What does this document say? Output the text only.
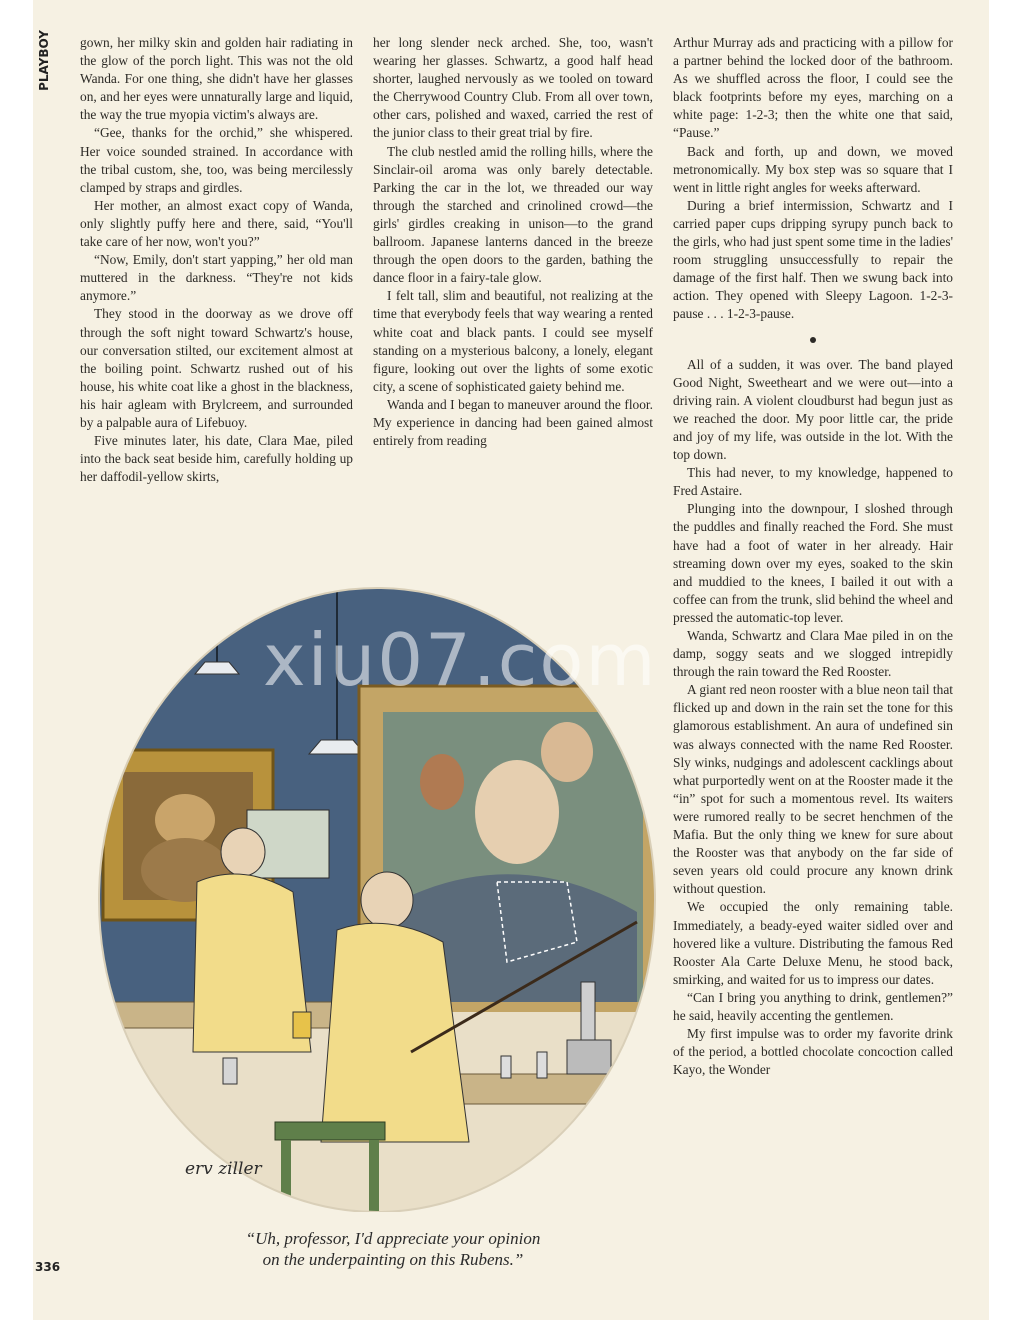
PLAYBOY gown, her milky skin and golden hair radiating in the glow of the porch light. This was not the old Wanda. For one thing, she didn't have her glasses on, and her eyes were unnaturally large and liquid, the way the true myopia victim's always are.

“Gee, thanks for the orchid,” she whispered. Her voice sounded strained. In accordance with the tribal custom, she, too, was being mercilessly clamped by straps and girdles.

Her mother, an almost exact copy of Wanda, only slightly puffy here and there, said, “You'll take care of her now, won't you?”

“Now, Emily, don't start yapping,” her old man muttered in the darkness. “They're not kids anymore.”

They stood in the doorway as we drove off through the soft night toward Schwartz's house, our conversation stilted, our excitement almost at the boiling point. Schwartz rushed out of his house, his white coat like a ghost in the blackness, his hair agleam with Brylcreem, and surrounded by a palpable aura of Lifebuoy.

Five minutes later, his date, Clara Mae, piled into the back seat beside him, carefully holding up her daffodil-yellow skirts,

her long slender neck arched. She, too, wasn't wearing her glasses. Schwartz, a good half head shorter, laughed nervously as we tooled on toward the Cherrywood Country Club. From all over town, other cars, polished and waxed, carried the rest of the junior class to their great trial by fire.

The club nestled amid the rolling hills, where the Sinclair-oil aroma was only barely detectable. Parking the car in the lot, we threaded our way through the starched and crinolined crowd—the girls' girdles creaking in unison—to the grand ballroom. Japanese lanterns danced in the breeze through the open doors to the garden, bathing the dance floor in a fairy-tale glow.

I felt tall, slim and beautiful, not realizing at the time that everybody feels that way wearing a rented white coat and black pants. I could see myself standing on a mysterious balcony, a lonely, elegant figure, looking out over the lights of some exotic city, a scene of sophisticated gaiety behind me.

Wanda and I began to maneuver around the floor. My experience in dancing had been gained almost entirely from reading

Arthur Murray ads and practicing with a pillow for a partner behind the locked door of the bathroom. As we shuffled across the floor, I could see the black footprints before my eyes, marching on a white page: 1-2-3; then the white one that said, “Pause.”

Back and forth, up and down, we moved metronomically. My box step was so square that I went in little right angles for weeks afterward.

During a brief intermission, Schwartz and I carried paper cups dripping syrupy punch back to the girls, who had just spent some time in the ladies' room struggling unsuccessfully to repair the damage of the first half. Then we swung back into action. They opened with Sleepy Lagoon. 1-2-3-pause . . . 1-2-3-pause.

All of a sudden, it was over. The band played Good Night, Sweetheart and we were out—into a driving rain. A violent cloudburst had begun just as we reached the door. My poor little car, the pride and joy of my life, was outside in the lot. With the top down.

This had never, to my knowledge, happened to Fred Astaire.

Plunging into the downpour, I sloshed through the puddles and finally reached the Ford. She must have had a foot of water in her already. Hair streaming down over my eyes, soaked to the skin and muddied to the knees, I bailed it out with a coffee can from the trunk, slid behind the wheel and pressed the automatic-top lever.

Wanda, Schwartz and Clara Mae piled in on the damp, soggy seats and we slogged intrepidly through the rain toward the Red Rooster.

A giant red neon rooster with a blue neon tail that flicked up and down in the rain set the tone for this glamorous establishment. An aura of undefined sin was always connected with the name Red Rooster. Sly winks, nudgings and adolescent cacklings about what purportedly went on at the Rooster made it the “in” spot for such a momentous revel. Its waiters were rumored really to be secret henchmen of the Mafia. But the only thing we knew for sure about the Rooster was that anybody on the far side of seven years old could procure any known drink without question.

We occupied the only remaining table. Immediately, a beady-eyed waiter sidled over and hovered like a vulture. Distributing the famous Red Rooster Ala Carte Deluxe Menu, he stood back, smirking, and waited for us to impress our dates.

“Can I bring you anything to drink, gentlemen?” he said, heavily accenting the gentlemen.

My first impulse was to order my favorite drink of the period, a bottled chocolate concoction called Kayo, the Wonder

erv ziller
xiu07.com
“Uh, professor, I'd appreciate your opinion
on the underpainting on this Rubens.”
336
